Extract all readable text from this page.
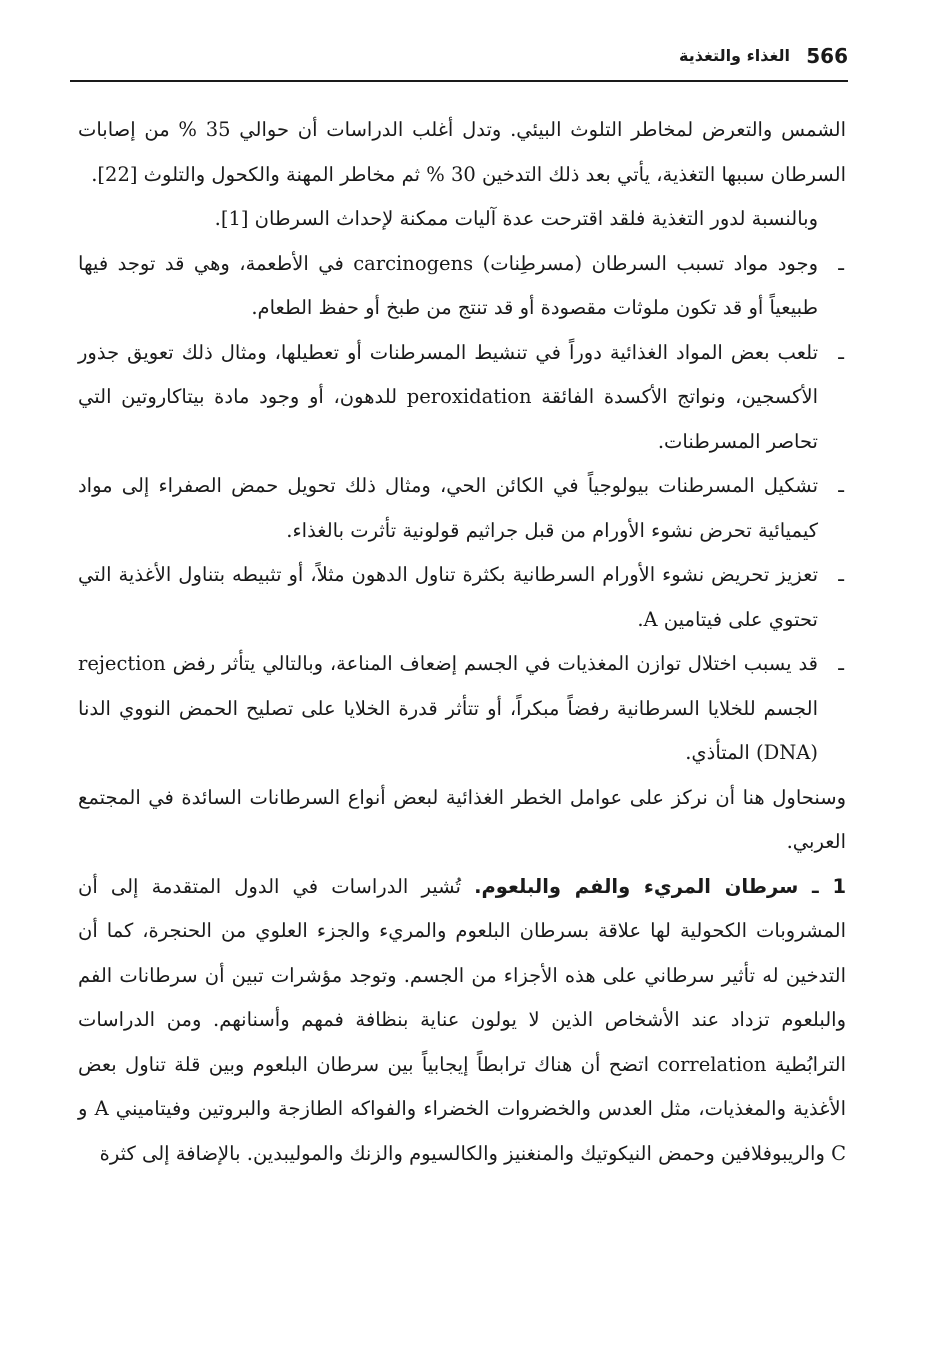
566
الغذاء والتغذية

الشمس والتعرض لمخاطر التلوث البيئي. وتدل أغلب الدراسات أن حوالي 35 % من إصابات السرطان سببها التغذية، يأتي بعد ذلك التدخين 30 % ثم مخاطر المهنة والكحول والتلوث [22].

وبالنسبة لدور التغذية فلقد اقترحت عدة آليات ممكنة لإحداث السرطان [1].

ـ
وجود مواد تسبب السرطان (مسرطِنات) carcinogens في الأطعمة، وهي قد توجد فيها طبيعياً أو قد تكون ملوثات مقصودة أو قد تنتج من طبخ أو حفظ الطعام.

ـ
تلعب بعض المواد الغذائية دوراً في تنشيط المسرطنات أو تعطيلها، ومثال ذلك تعويق جذور الأكسجين، ونواتج الأكسدة الفائقة peroxidation للدهون، أو وجود مادة بيتاكاروتين التي تحاصر المسرطنات.

ـ
تشكيل المسرطنات بيولوجياً في الكائن الحي، ومثال ذلك تحويل حمض الصفراء إلى مواد كيميائية تحرض نشوء الأورام من قبل جراثيم قولونية تأثرت بالغذاء.

ـ
تعزيز تحريض نشوء الأورام السرطانية بكثرة تناول الدهون مثلاً، أو تثبيطه بتناول الأغذية التي تحتوي على فيتامين A.

ـ
قد يسبب اختلال توازن المغذيات في الجسم إضعاف المناعة، وبالتالي يتأثر رفض rejection الجسم للخلايا السرطانية رفضاً مبكراً، أو تتأثر قدرة الخلايا على تصليح الحمض النووي الدنا (DNA) المتأذي.

وسنحاول هنا أن نركز على عوامل الخطر الغذائية لبعض أنواع السرطانات السائدة في المجتمع العربي.

1 ـ سرطان المريء والفم والبلعوم. تُشير الدراسات في الدول المتقدمة إلى أن المشروبات الكحولية لها علاقة بسرطان البلعوم والمريء والجزء العلوي من الحنجرة، كما أن التدخين له تأثير سرطاني على هذه الأجزاء من الجسم. وتوجد مؤشرات تبين أن سرطانات الفم والبلعوم تزداد عند الأشخاص الذين لا يولون عناية بنظافة فمهم وأسنانهم. ومن الدراسات الترابُطية correlation اتضح أن هناك ترابطاً إيجابياً بين سرطان البلعوم وبين قلة تناول بعض الأغذية والمغذيات، مثل العدس والخضروات الخضراء والفواكه الطازجة والبروتين وفيتاميني A و C والريبوفلافين وحمض النيكوتيك والمنغنيز والكالسيوم والزنك والموليبدين. بالإضافة إلى كثرة
